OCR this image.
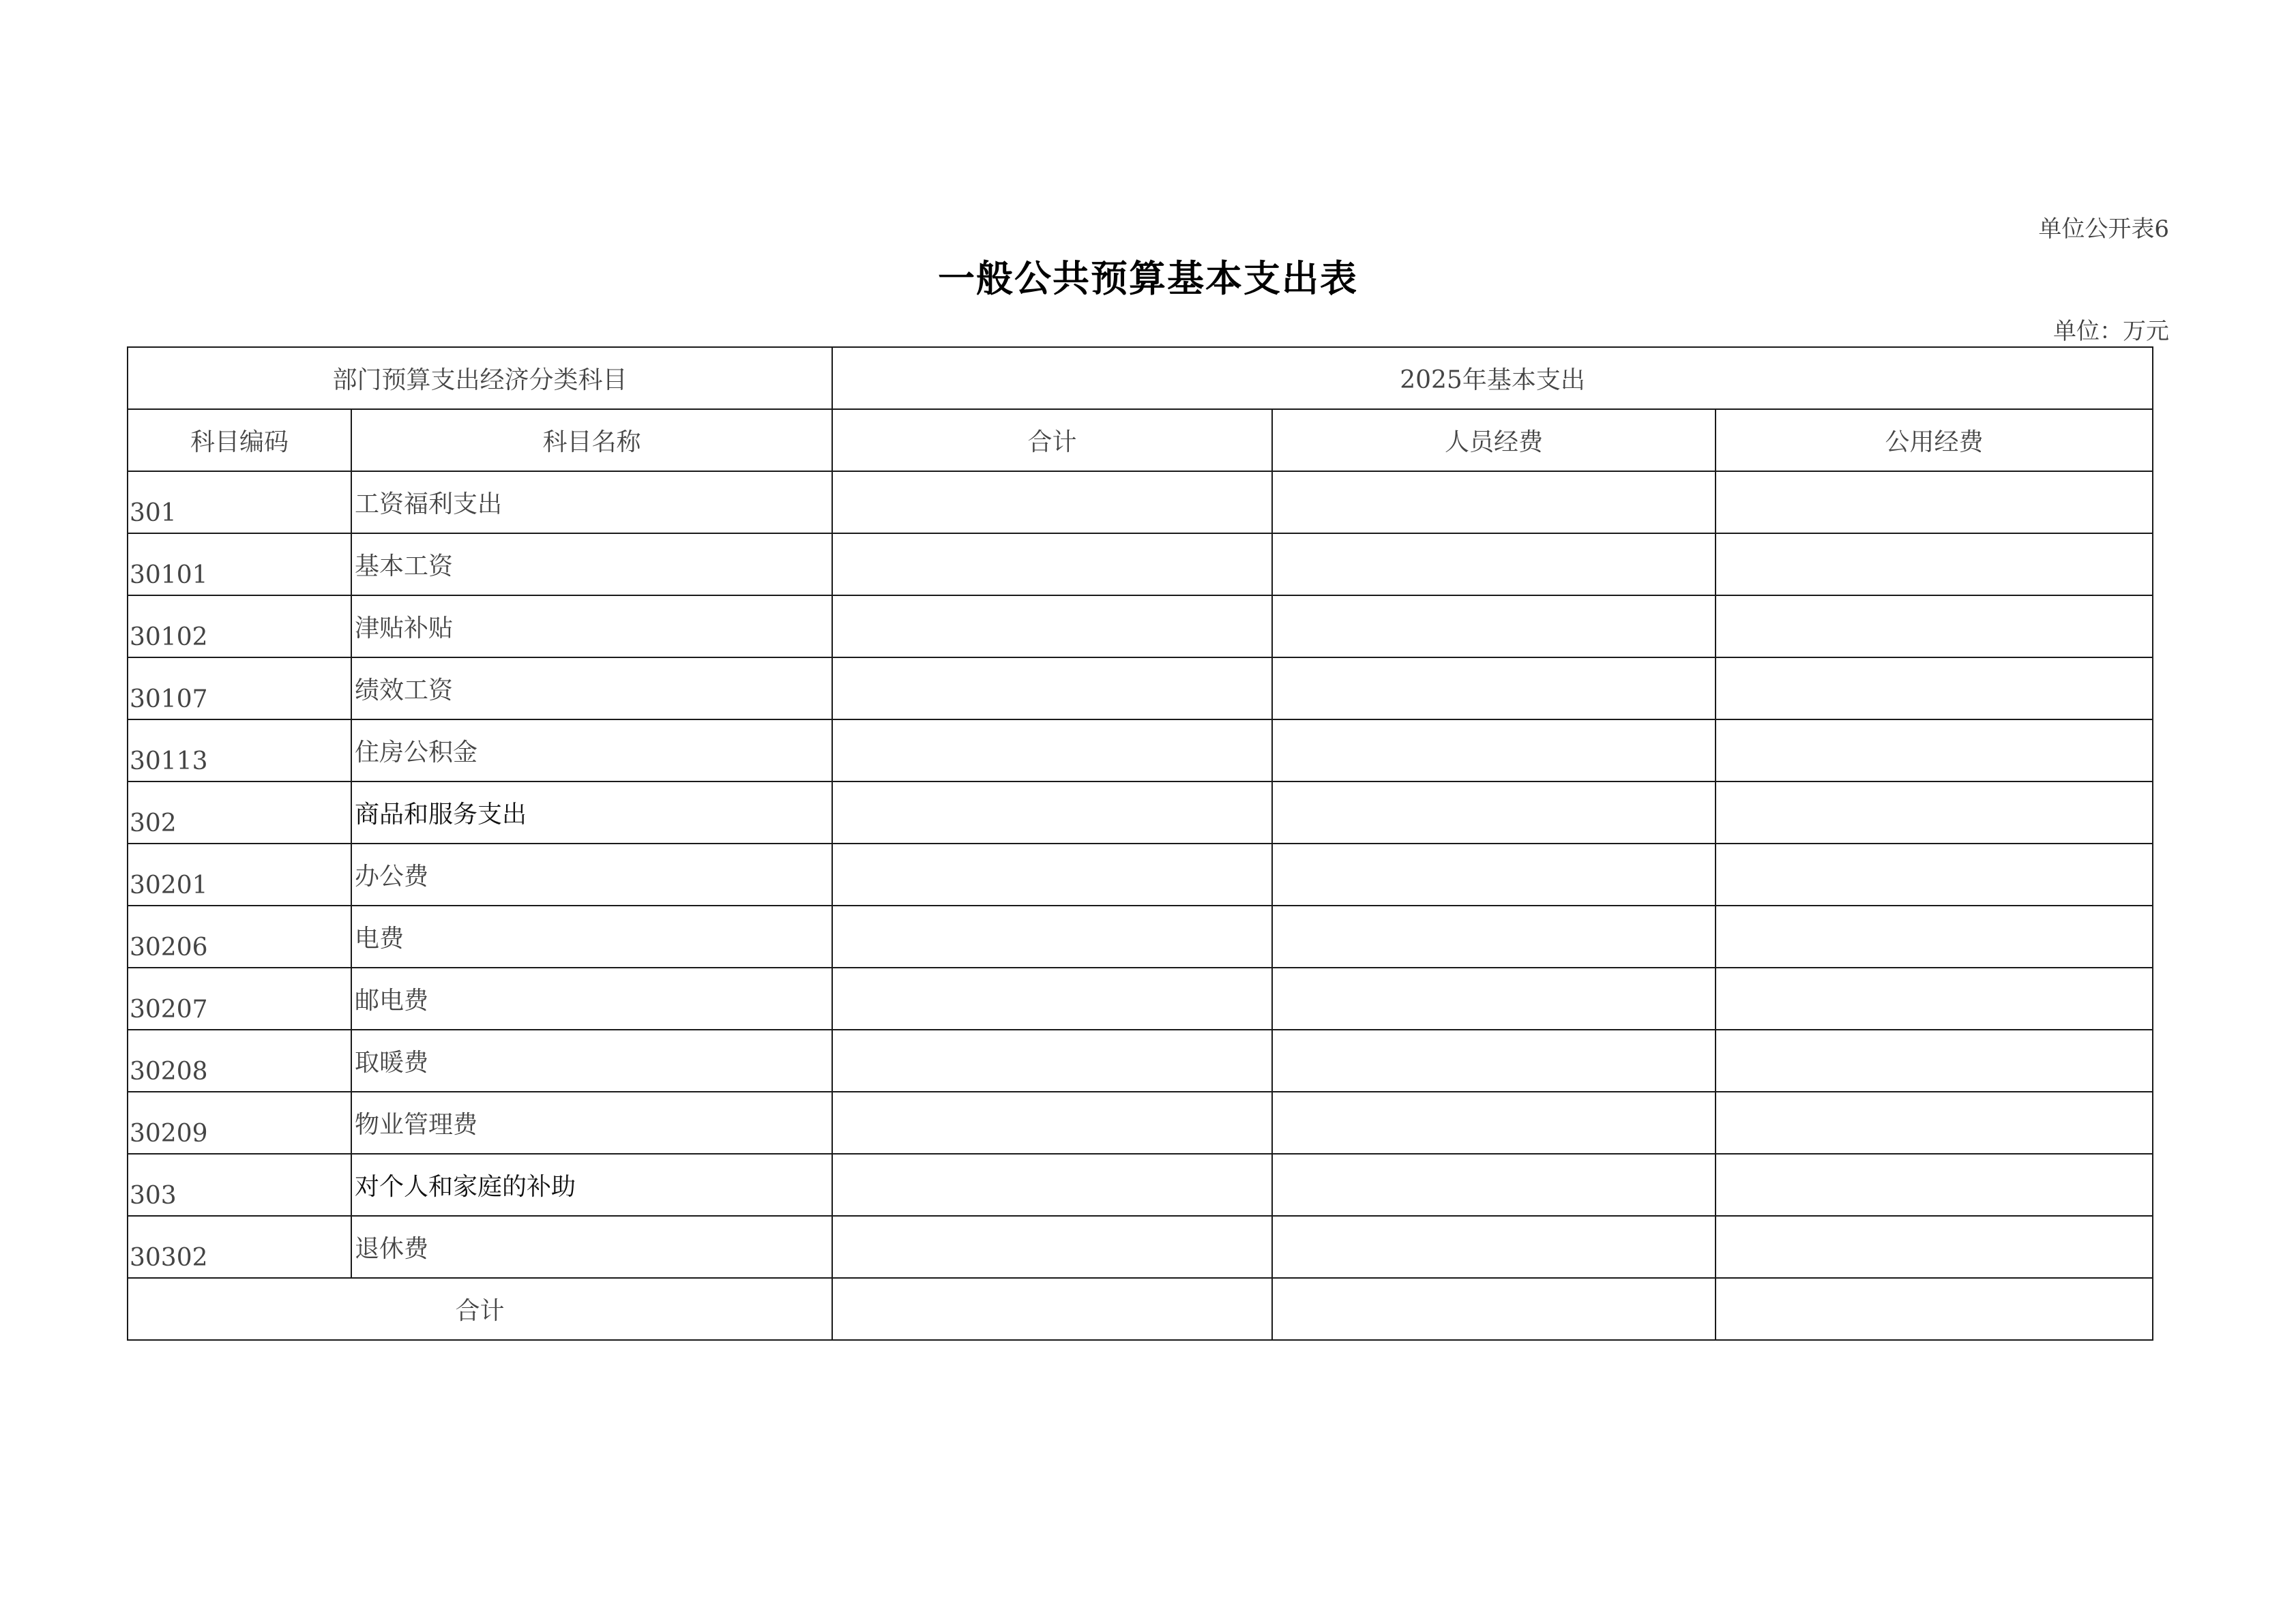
单位公开表6
一般公共预算基本支出表
单位：万元
部门预算支出经济分类科目		2025年基本支出		
科目编码	科目名称	合计	人员经费	公用经费
301	工资福利支出			
30101	基本工资			
30102	津贴补贴			
30107	绩效工资			
30113	住房公积金			
302	商品和服务支出			
30201	办公费			
30206	电费			
30207	邮电费			
30208	取暖费			
30209	物业管理费			
303	对个人和家庭的补助			
30302	退休费			
合计				
